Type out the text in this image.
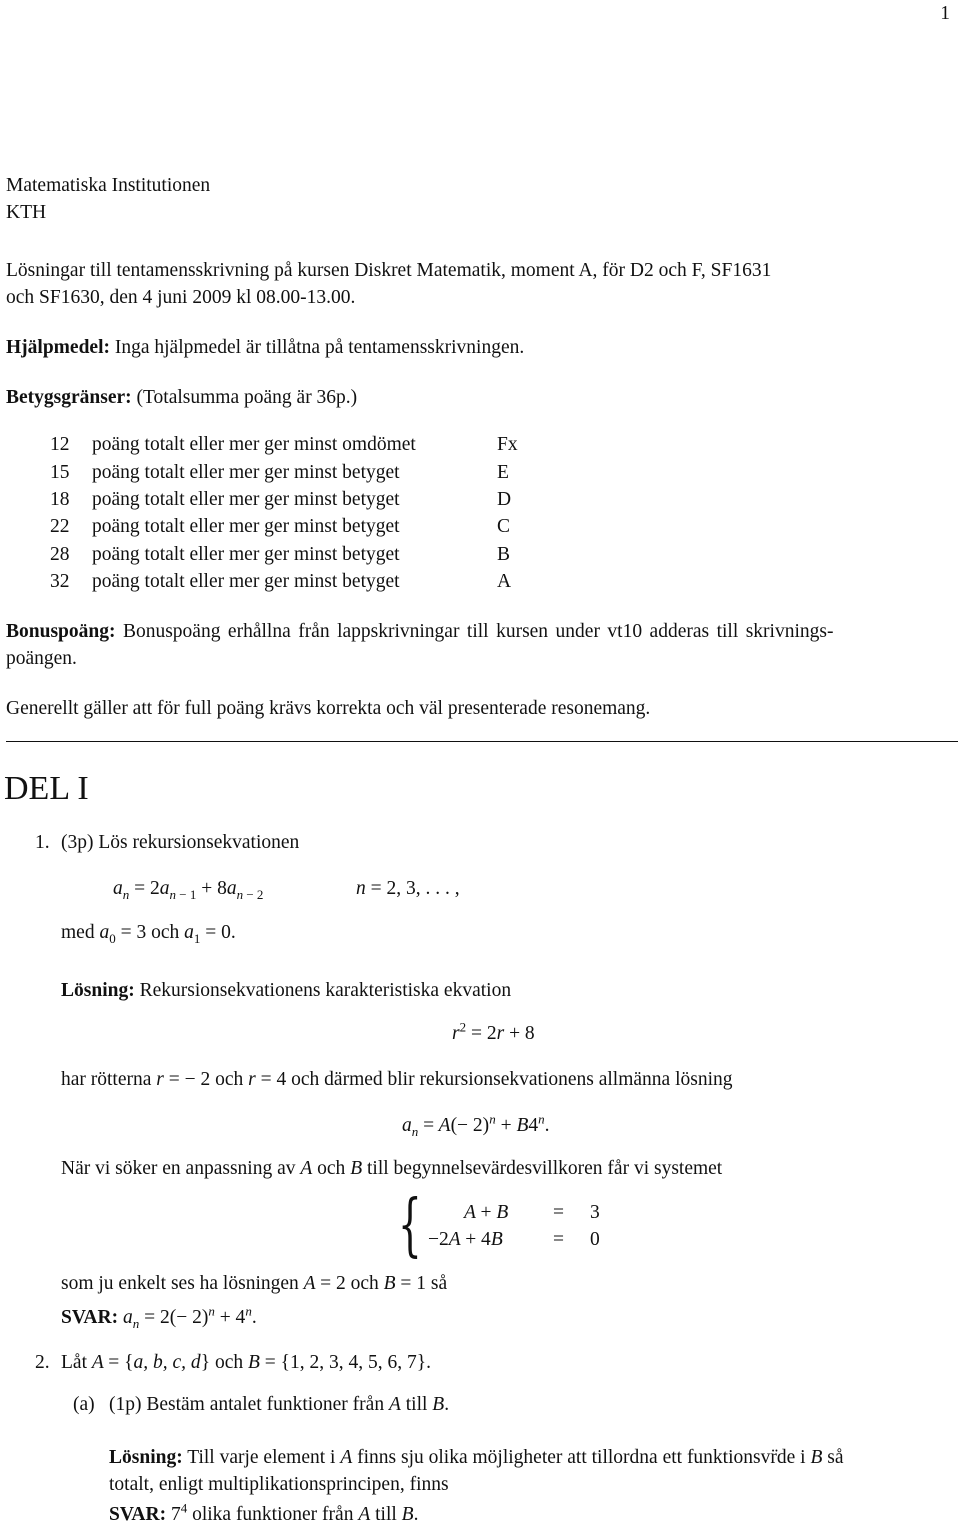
1
Matematiska Institutionen
KTH
Lösningar till tentamensskrivning på kursen Diskret Matematik, moment A, för D2 och F, SF1631
och SF1630, den 4 juni 2009 kl 08.00-13.00.
Hjälpmedel: Inga hjälpmedel är tillåtna på tentamensskrivningen.
Betygsgränser: (Totalsumma poäng är 36p.)
12	poäng totalt eller mer ger minst omdömet	Fx
15	poäng totalt eller mer ger minst betyget	E
18	poäng totalt eller mer ger minst betyget	D
22	poäng totalt eller mer ger minst betyget	C
28	poäng totalt eller mer ger minst betyget	B
32	poäng totalt eller mer ger minst betyget	A
Bonuspoäng: Bonuspoäng erhållna från lappskrivningar till kursen under vt10 adderas till skrivnings-
poängen.
Generellt gäller att för full poäng krävs korrekta och väl presenterade resonemang.
DEL I
1. (3p) Lös rekursionsekvationen
$a_n = 2a_{n - 1} + 8a_{n - 2}$	n = 2, 3, . . . ,
med $a_0 = 3$ och $a_1 = 0$.
Lösning: Rekursionsekvationens karakteristiska ekvation
$r^2 = 2r + 8$
har rötterna r = − 2 och r = 4 och därmed blir rekursionsekvationens allmänna lösning
$a_n = A(- 2)^n + B4^n$.
När vi söker en anpassning av A och B till begynnelsevärdesvillkoren får vi systemet
{ A + B = 3
−2A + 4B	= 0
som ju enkelt ses ha lösningen A = 2 och B = 1 så
SVAR: $a_n = 2(- 2)^n + 4^n$.
2. Låt A = {a, b, c, d} och B = {1, 2, 3, 4, 5, 6, 7}.
(a) (1p) Bestäm antalet funktioner från A till B.
Lösning: Till varje element i A finns sju olika möjligheter att tillordna ett funktionsvr̈de i B så
totalt, enligt multiplikationsprincipen, finns
SVAR: $7^4$ olika funktioner från A till B.
